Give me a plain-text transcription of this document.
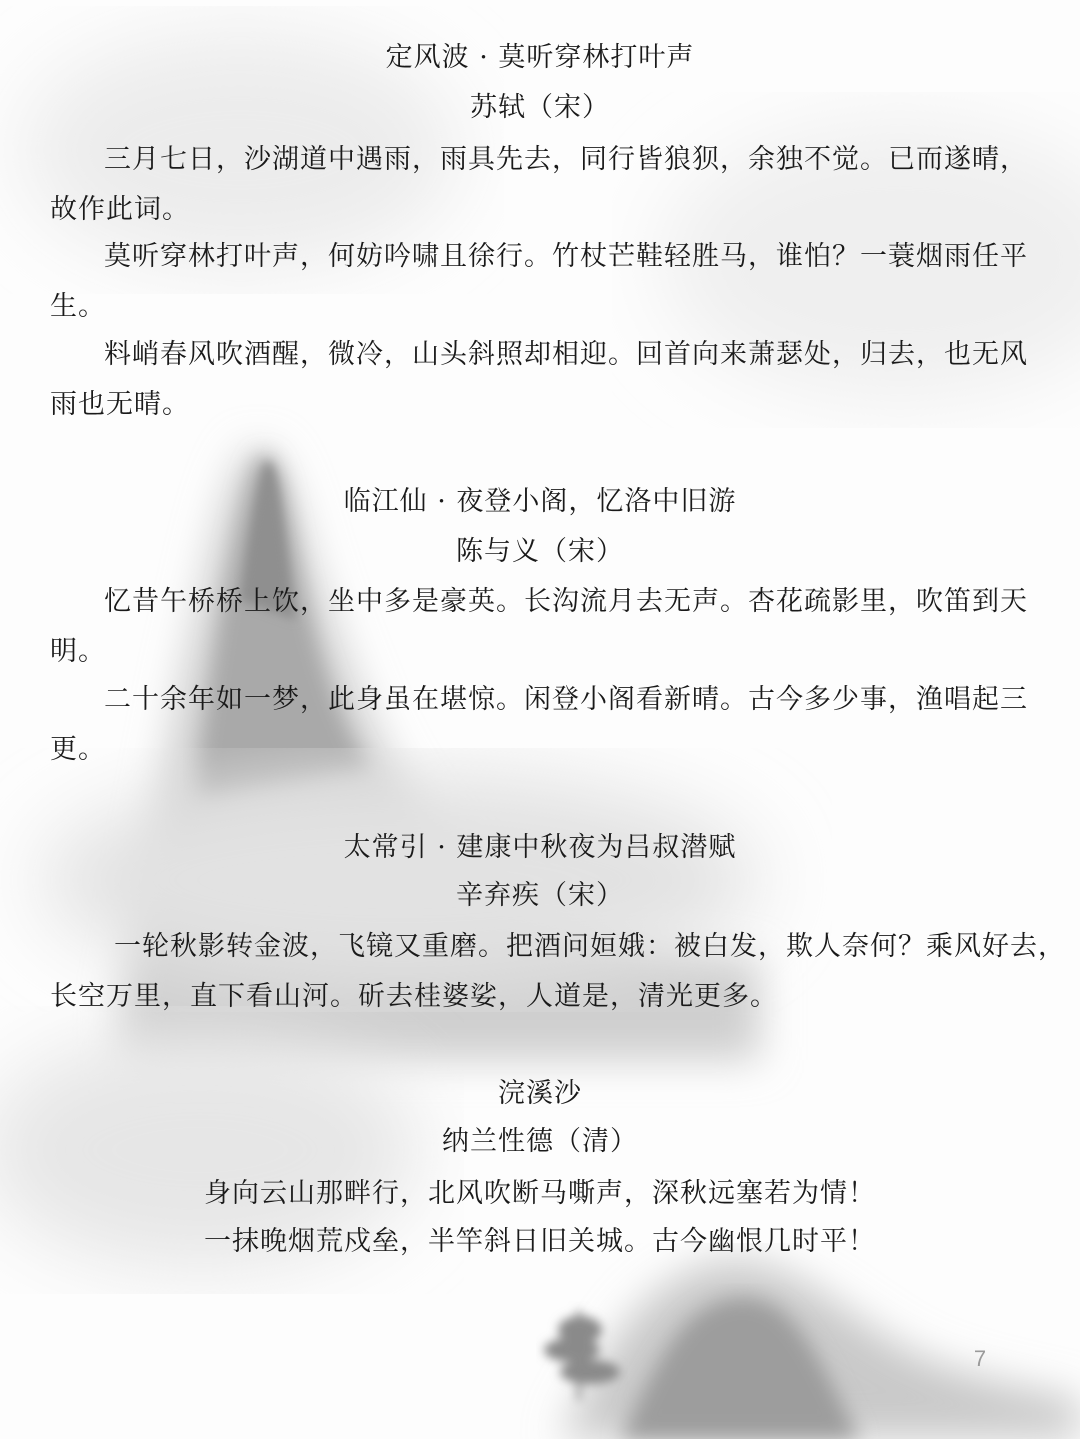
定风波 · 莫听穿林打叶声
苏轼（宋）
三月七日，沙湖道中遇雨，雨具先去，同行皆狼狈，余独不觉。已而遂晴，
故作此词。
莫听穿林打叶声，何妨吟啸且徐行。竹杖芒鞋轻胜马，谁怕？一蓑烟雨任平
生。
料峭春风吹酒醒，微冷，山头斜照却相迎。回首向来萧瑟处，归去，也无风
雨也无晴。
临江仙 · 夜登小阁，忆洛中旧游
陈与义（宋）
忆昔午桥桥上饮，坐中多是豪英。长沟流月去无声。杏花疏影里，吹笛到天
明。
二十余年如一梦，此身虽在堪惊。闲登小阁看新晴。古今多少事，渔唱起三
更。
太常引 · 建康中秋夜为吕叔潜赋
辛弃疾（宋）
一轮秋影转金波，飞镜又重磨。把酒问姮娥：被白发，欺人奈何？乘风好去，
长空万里，直下看山河。斫去桂婆娑，人道是，清光更多。
浣溪沙
纳兰性德（清）
身向云山那畔行，北风吹断马嘶声，深秋远塞若为情！
一抹晚烟荒戍垒，半竿斜日旧关城。古今幽恨几时平！
7
